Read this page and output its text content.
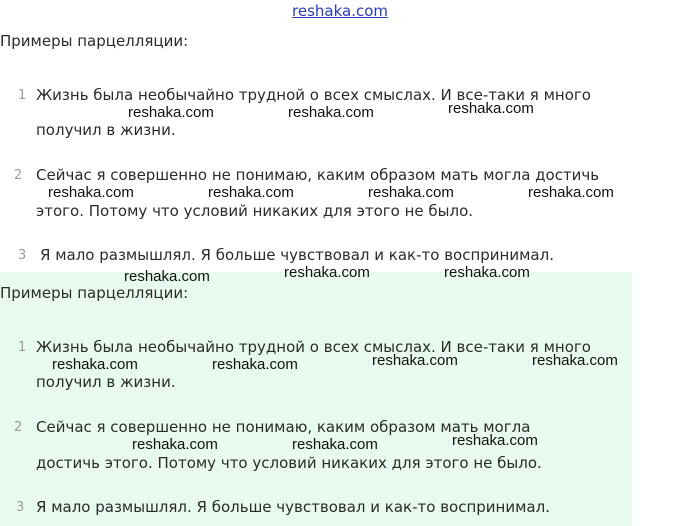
reshaka.com
Примеры парцелляции:
1 Жизнь была необычайно трудной о всех смыслах. И все-таки я много
получил в жизни.
2 Сейчас я совершенно не понимаю, каким образом мать могла достичь
этого. Потому что условий никаких для этого не было.
3 Я мало размышлял. Я больше чувствовал и как-то воспринимал.
Примеры парцелляции:
1 Жизнь была необычайно трудной о всех смыслах. И все-таки я много
получил в жизни.
2 Сейчас я совершенно не понимаю, каким образом мать могла
достичь этого. Потому что условий никаких для этого не было.
3 Я мало размышлял. Я больше чувствовал и как-то воспринимал.
reshaka.com	reshaka.com	reshaka.com
reshaka.com	reshaka.com	reshaka.com	reshaka.com
reshaka.com	reshaka.com	reshaka.com
reshaka.com	reshaka.com	reshaka.com	reshaka.com
reshaka.com	reshaka.com	reshaka.com
